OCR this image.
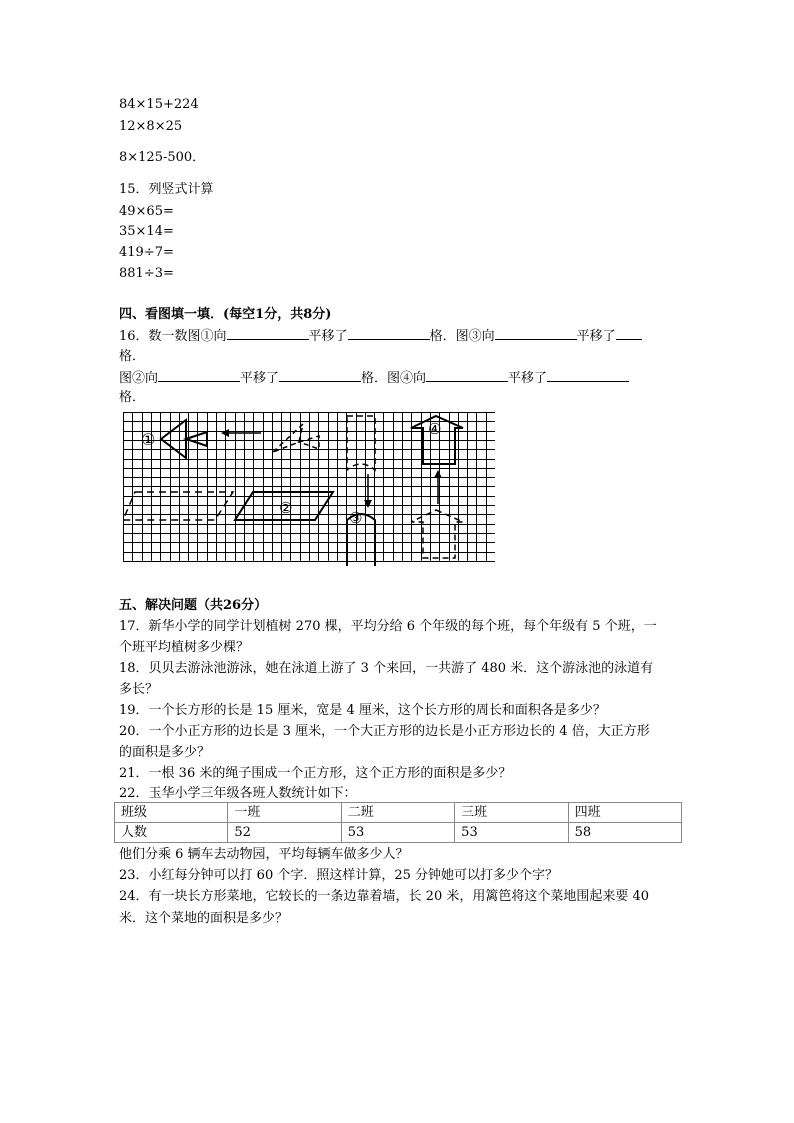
84×15+224
12×8×25
8×125-500．
15．列竖式计算
49×65=
35×14=
419÷7=
881÷3=
四、看图填一填．(每空1分，共8分)
16．数一数图①向	平移了	格．图③向	平移了
格．
图②向	平移了	格．图④向	平移了
格．
①
③
②
④
五、解决问题（共26分）
17．新华小学的同学计划植树 270 棵，平均分给 6 个年级的每个班，每个年级有 5 个班，一
个班平均植树多少棵？
18．贝贝去游泳池游泳，她在泳道上游了 3 个来回，一共游了 480 米．这个游泳池的泳道有
多长？
19．一个长方形的长是 15 厘米，宽是 4 厘米，这个长方形的周长和面积各是多少？
20．一个小正方形的边长是 3 厘米，一个大正方形的边长是小正方形边长的 4 倍，大正方形
的面积是多少？
21．一根 36 米的绳子围成一个正方形，这个正方形的面积是多少？
22．玉华小学三年级各班人数统计如下：
班级	一班	二班	三班	四班
人数	52	53	53	58
他们分乘 6 辆车去动物园，平均每辆车做多少人？
23．小红每分钟可以打 60 个字．照这样计算，25 分钟她可以打多少个字？
24．有一块长方形菜地，它较长的一条边靠着墙，长 20 米，用篱笆将这个菜地围起来要 40
米．这个菜地的面积是多少？
